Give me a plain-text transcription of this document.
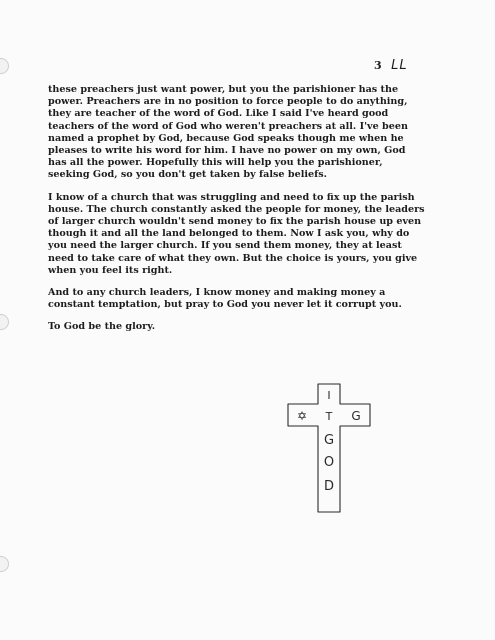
3 LL

these preachers just want power, but you the parishioner has the
power. Preachers are in no position to force people to do anything,
they are teacher of the word of God. Like I said I've heard good
teachers of the word of God who weren't preachers at all. I've been
named a prophet by God, because God speaks though me when he
pleases to write his word for him. I have no power on my own, God
has all the power. Hopefully this will help you the parishioner,
seeking God, so you don't get taken by false beliefs.

I know of a church that was struggling and need to fix up the parish
house. The church constantly asked the people for money, the leaders
of larger church wouldn't send money to fix the parish house up even
though it and all the land belonged to them. Now I ask you, why do
you need the larger church. If you send them money, they at least
need to take care of what they own. But the choice is yours, you give
when you feel its right.

And to any church leaders, I know money and making money a
constant temptation, but pray to God you never let it corrupt you.

To God be the glory.

✡	G
I
T
G
O
D
